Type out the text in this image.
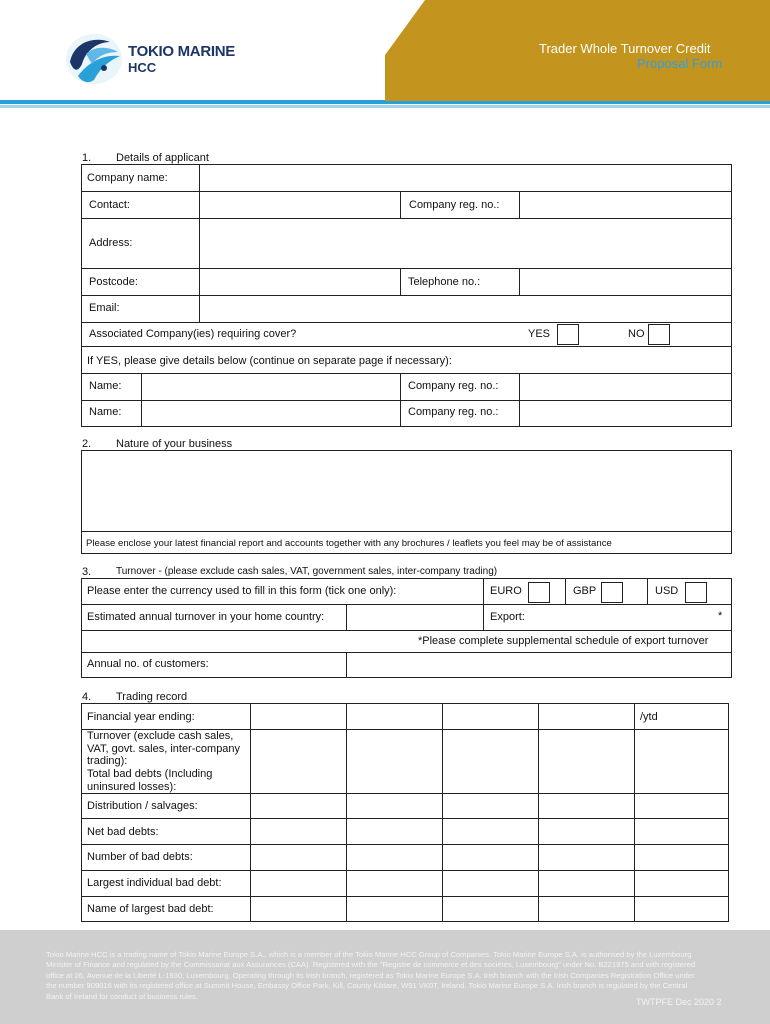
Trader Whole Turnover Credit
Proposal Form
TOKIO MARINE
HCC
1. Details of applicant
Company name:
Contact:	Company reg. no.:
Address:
Postcode:	Telephone no.:
Email:
Associated Company(ies) requiring cover?	YES	NO
If YES, please give details below (continue on separate page if necessary):
Name:	Company reg. no.:
Name:	Company reg. no.:
2. Nature of your business
Please enclose your latest financial report and accounts together with any brochures / leaflets you feel may be of assistance
3. Turnover - (please exclude cash sales, VAT, government sales, inter-company trading)
Please enter the currency used to fill in this form (tick one only):	EURO	GBP	USD
Estimated annual turnover in your home country:	Export:	*
*Please complete supplemental schedule of export turnover
Annual no. of customers:
4. Trading record
Financial year ending:	/ytd
Turnover (exclude cash sales, VAT, govt. sales, inter-company trading):
Total bad debts (Including uninsured losses):
Distribution / salvages:
Net bad debts:
Number of bad debts:
Largest individual bad debt:
Name of largest bad debt:
Tokio Marine HCC is a trading name of Tokio Marine Europe S.A., which is a member of the Tokio Marine HCC Group of Companies. Tokio Marine Europe S.A. is authorised by the Luxembourg Minister of Finance and regulated by the Commissariat aux Assurances (CAA). Registered with the "Registre de commerce et des sociétés, Luxembourg" under No. B221975 and with registered office at 26, Avenue de la Liberté L-1930, Luxembourg. Operating through its Irish branch, registered as Tokio Marine Europe S.A. Irish branch with the Irish Companies Registration Office under the number 909016 with its registered office at Summit House, Embassy Office Park, Kill, County Kildare, W91 VK0T, Ireland. Tokio Marine Europe S.A. Irish branch is regulated by the Central Bank of Ireland for conduct of business rules.
TWTPFE Dec 2020 2
